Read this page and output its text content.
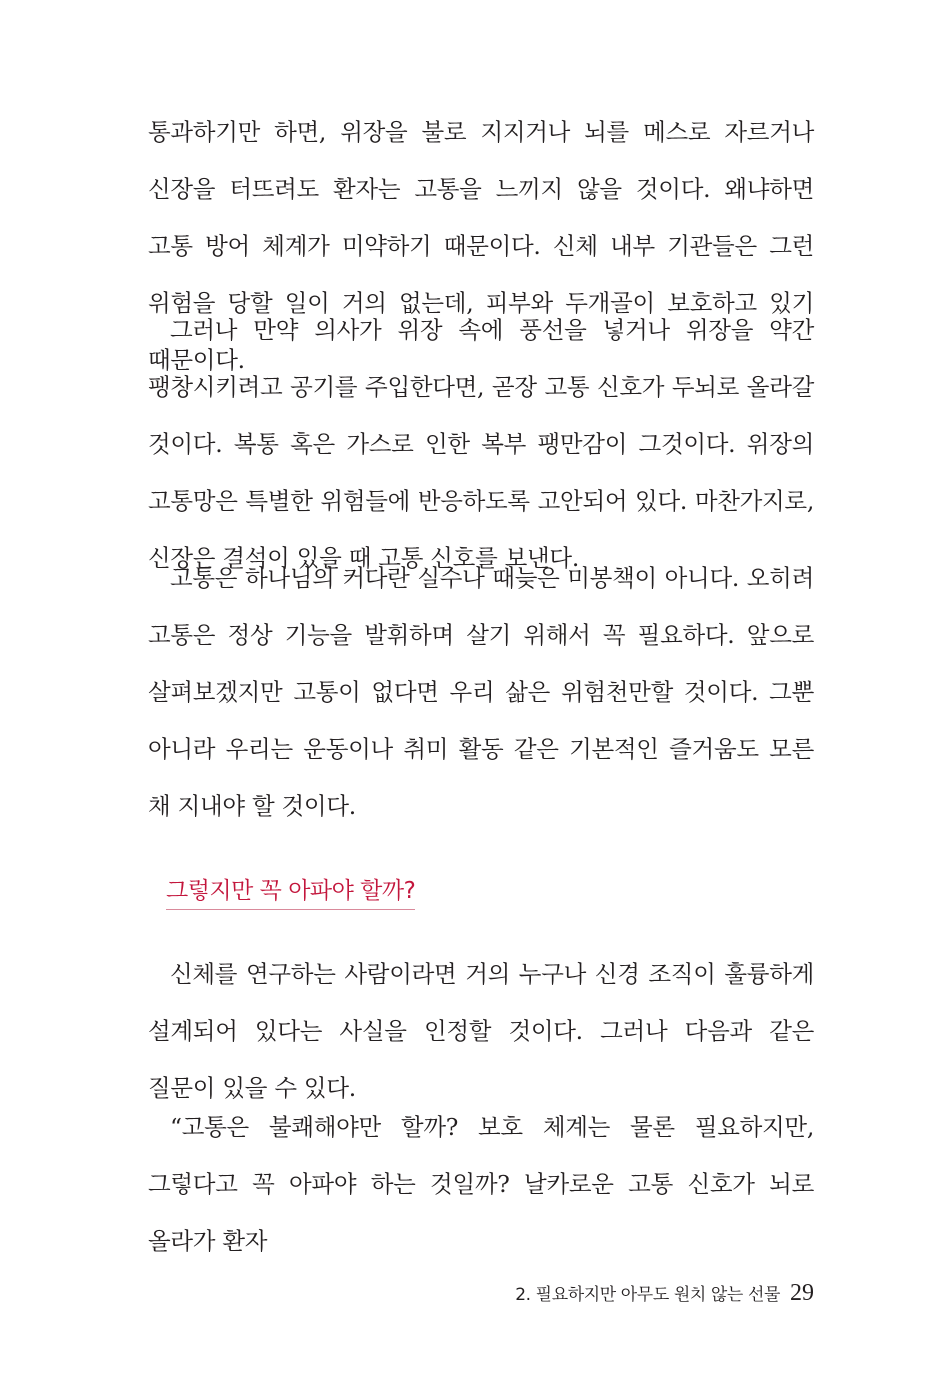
통과하기만 하면, 위장을 불로 지지거나 뇌를 메스로 자르거나 신장을 터뜨려도 환자는 고통을 느끼지 않을 것이다. 왜냐하면 고통 방어 체계가 미약하기 때문이다. 신체 내부 기관들은 그런 위험을 당할 일이 거의 없는데, 피부와 두개골이 보호하고 있기 때문이다.

그러나 만약 의사가 위장 속에 풍선을 넣거나 위장을 약간 팽창시키려고 공기를 주입한다면, 곧장 고통 신호가 두뇌로 올라갈 것이다. 복통 혹은 가스로 인한 복부 팽만감이 그것이다. 위장의 고통망은 특별한 위험들에 반응하도록 고안되어 있다. 마찬가지로, 신장은 결석이 있을 때 고통 신호를 보낸다.

고통은 하나님의 커다란 실수나 때늦은 미봉책이 아니다. 오히려 고통은 정상 기능을 발휘하며 살기 위해서 꼭 필요하다. 앞으로 살펴보겠지만 고통이 없다면 우리 삶은 위험천만할 것이다. 그뿐 아니라 우리는 운동이나 취미 활동 같은 기본적인 즐거움도 모른 채 지내야 할 것이다.

그렇지만 꼭 아파야 할까?

신체를 연구하는 사람이라면 거의 누구나 신경 조직이 훌륭하게 설계되어 있다는 사실을 인정할 것이다. 그러나 다음과 같은 질문이 있을 수 있다.

“고통은 불쾌해야만 할까? 보호 체계는 물론 필요하지만, 그렇다고 꼭 아파야 하는 것일까? 날카로운 고통 신호가 뇌로 올라가 환자

2. 필요하지만 아무도 원치 않는 선물 29
